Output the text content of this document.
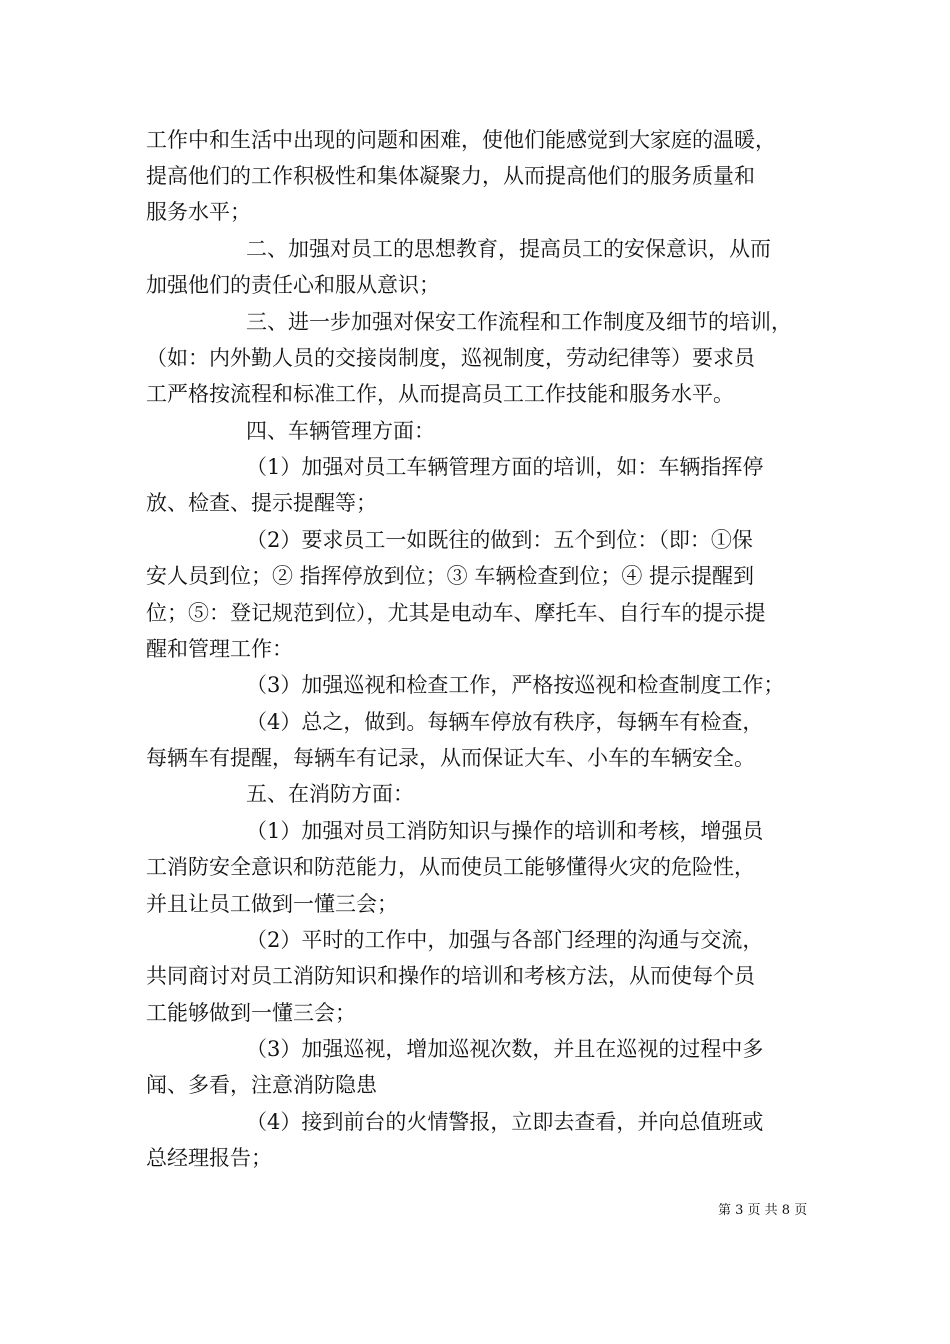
工作中和生活中出现的问题和困难，使他们能感觉到大家庭的温暖，
提高他们的工作积极性和集体凝聚力，从而提高他们的服务质量和
服务水平；
二、加强对员工的思想教育，提高员工的安保意识，从而
加强他们的责任心和服从意识；
三、进一步加强对保安工作流程和工作制度及细节的培训，
（如：内外勤人员的交接岗制度，巡视制度，劳动纪律等）要求员
工严格按流程和标准工作，从而提高员工工作技能和服务水平。
四、车辆管理方面：
（1）加强对员工车辆管理方面的培训，如：车辆指挥停
放、检查、提示提醒等；
（2）要求员工一如既往的做到：五个到位：（即：①保
安人员到位；② 指挥停放到位；③ 车辆检查到位；④ 提示提醒到
位；⑤：登记规范到位），尤其是电动车、摩托车、自行车的提示提
醒和管理工作：
（3）加强巡视和检查工作，严格按巡视和检查制度工作；
（4）总之，做到。每辆车停放有秩序，每辆车有检查，
每辆车有提醒，每辆车有记录，从而保证大车、小车的车辆安全。
五、在消防方面：
（1）加强对员工消防知识与操作的培训和考核，增强员
工消防安全意识和防范能力，从而使员工能够懂得火灾的危险性，
并且让员工做到一懂三会；
（2）平时的工作中，加强与各部门经理的沟通与交流，
共同商讨对员工消防知识和操作的培训和考核方法，从而使每个员
工能够做到一懂三会；
（3）加强巡视，增加巡视次数，并且在巡视的过程中多
闻、多看，注意消防隐患
（4）接到前台的火情警报，立即去查看，并向总值班或
总经理报告；
第 3 页 共 8 页
